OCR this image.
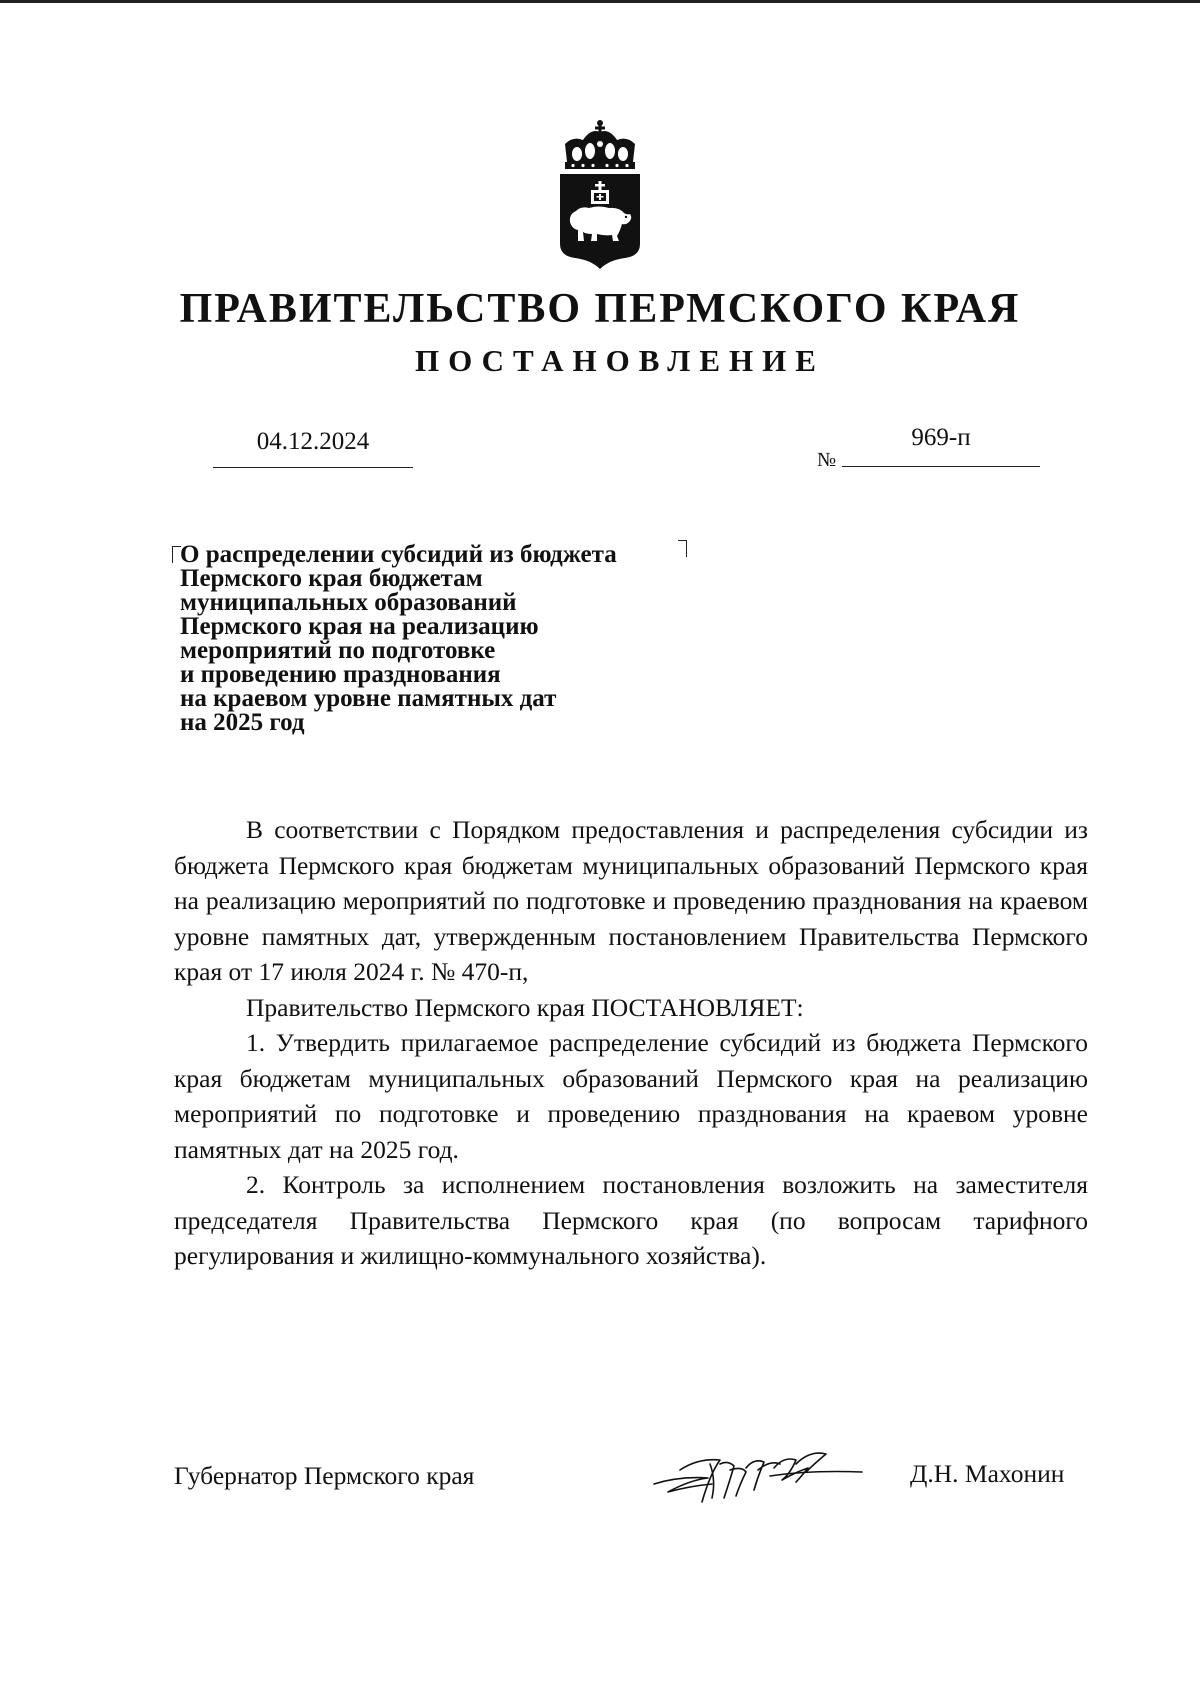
ПРАВИТЕЛЬСТВО ПЕРМСКОГО КРАЯ
ПОСТАНОВЛЕНИЕ
04.12.2024
№
969-п
О распределении субсидий из бюджета
Пермского края бюджетам
муниципальных образований
Пермского края на реализацию
мероприятий по подготовке
и проведению празднования
на краевом уровне памятных дат
на 2025 год

В соответствии с Порядком предоставления и распределения субсидии из бюджета Пермского края бюджетам муниципальных образований Пермского края на реализацию мероприятий по подготовке и проведению празднования на краевом уровне памятных дат, утвержденным постановлением Правительства Пермского края от 17 июля 2024 г. № 470-п,

Правительство Пермского края ПОСТАНОВЛЯЕТ:

1. Утвердить прилагаемое распределение субсидий из бюджета Пермского края бюджетам муниципальных образований Пермского края на реализацию мероприятий по подготовке и проведению празднования на краевом уровне памятных дат на 2025 год.

2. Контроль за исполнением постановления возложить на заместителя председателя Правительства Пермского края (по вопросам тарифного регулирования и жилищно-коммунального хозяйства).

Губернатор Пермского края	Д.Н. Махонин
